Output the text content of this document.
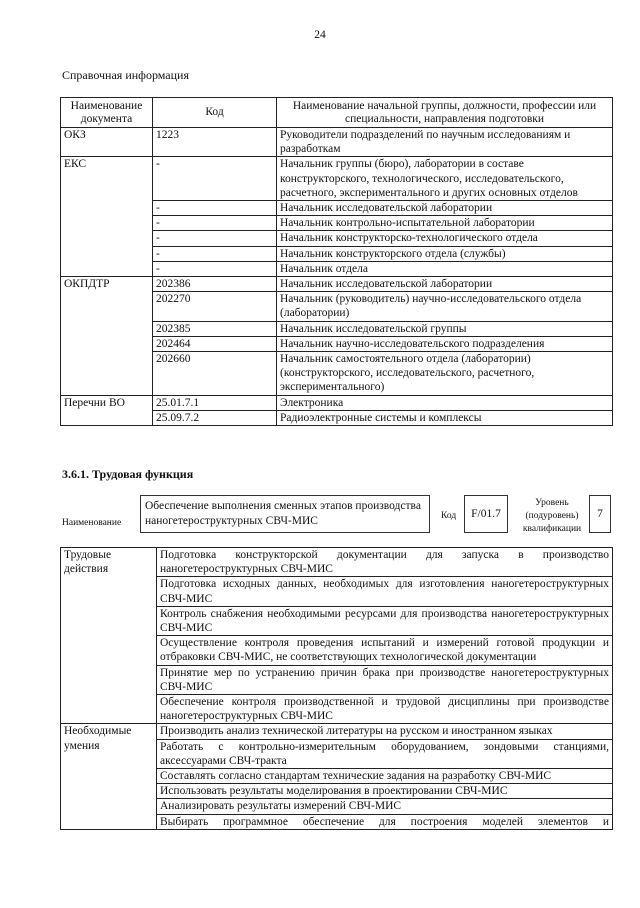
24
Справочная информация
Наименование документа	Код	Наименование начальной группы, должности, профессии или специальности, направления подготовки
ОКЗ	1223	Руководители подразделений по научным исследованиям и разработкам
ЕКС	-	Начальник группы (бюро), лаборатории в составе конструкторского, технологического, исследовательского, расчетного, экспериментального и других основных отделов
	-	Начальник исследовательской лаборатории
	-	Начальник контрольно-испытательной лаборатории
	-	Начальник конструкторско-технологического отдела
	-	Начальник конструкторского отдела (службы)
	-	Начальник отдела
ОКПДТР	202386	Начальник исследовательской лаборатории
	202270	Начальник (руководитель) научно-исследовательского отдела (лаборатории)
	202385	Начальник исследовательской группы
	202464	Начальник научно-исследовательского подразделения
	202660	Начальник самостоятельного отдела (лаборатории) (конструкторского, исследовательского, расчетного, экспериментального)
Перечни ВО	25.01.7.1	Электроника
	25.09.7.2	Радиоэлектронные системы и комплексы
3.6.1. Трудовая функция
Наименование
Обеспечение выполнения сменных этапов производства наногетероструктурных СВЧ-МИС	Код	F/01.7
Уровень (подуровень) квалификации
7
Трудовые действия	Подготовка конструкторской документации для запуска в производство наногетероструктурных СВЧ-МИС
	Подготовка исходных данных, необходимых для изготовления наногетероструктурных СВЧ-МИС
	Контроль снабжения необходимыми ресурсами для производства наногетероструктурных СВЧ-МИС
	Осуществление контроля проведения испытаний и измерений готовой продукции и отбраковки СВЧ-МИС, не соответствующих технологической документации
	Принятие мер по устранению причин брака при производстве наногетероструктурных СВЧ-МИС
	Обеспечение контроля производственной и трудовой дисциплины при производстве наногетероструктурных СВЧ-МИС
Необходимые умения	Производить анализ технической литературы на русском и иностранном языках
	Работать с контрольно-измерительным оборудованием, зондовыми станциями, аксессуарами СВЧ-тракта
	Составлять согласно стандартам технические задания на разработку СВЧ-МИС
	Использовать результаты моделирования в проектировании СВЧ-МИС
	Анализировать результаты измерений СВЧ-МИС
	Выбирать программное обеспечение для построения моделей элементов и
